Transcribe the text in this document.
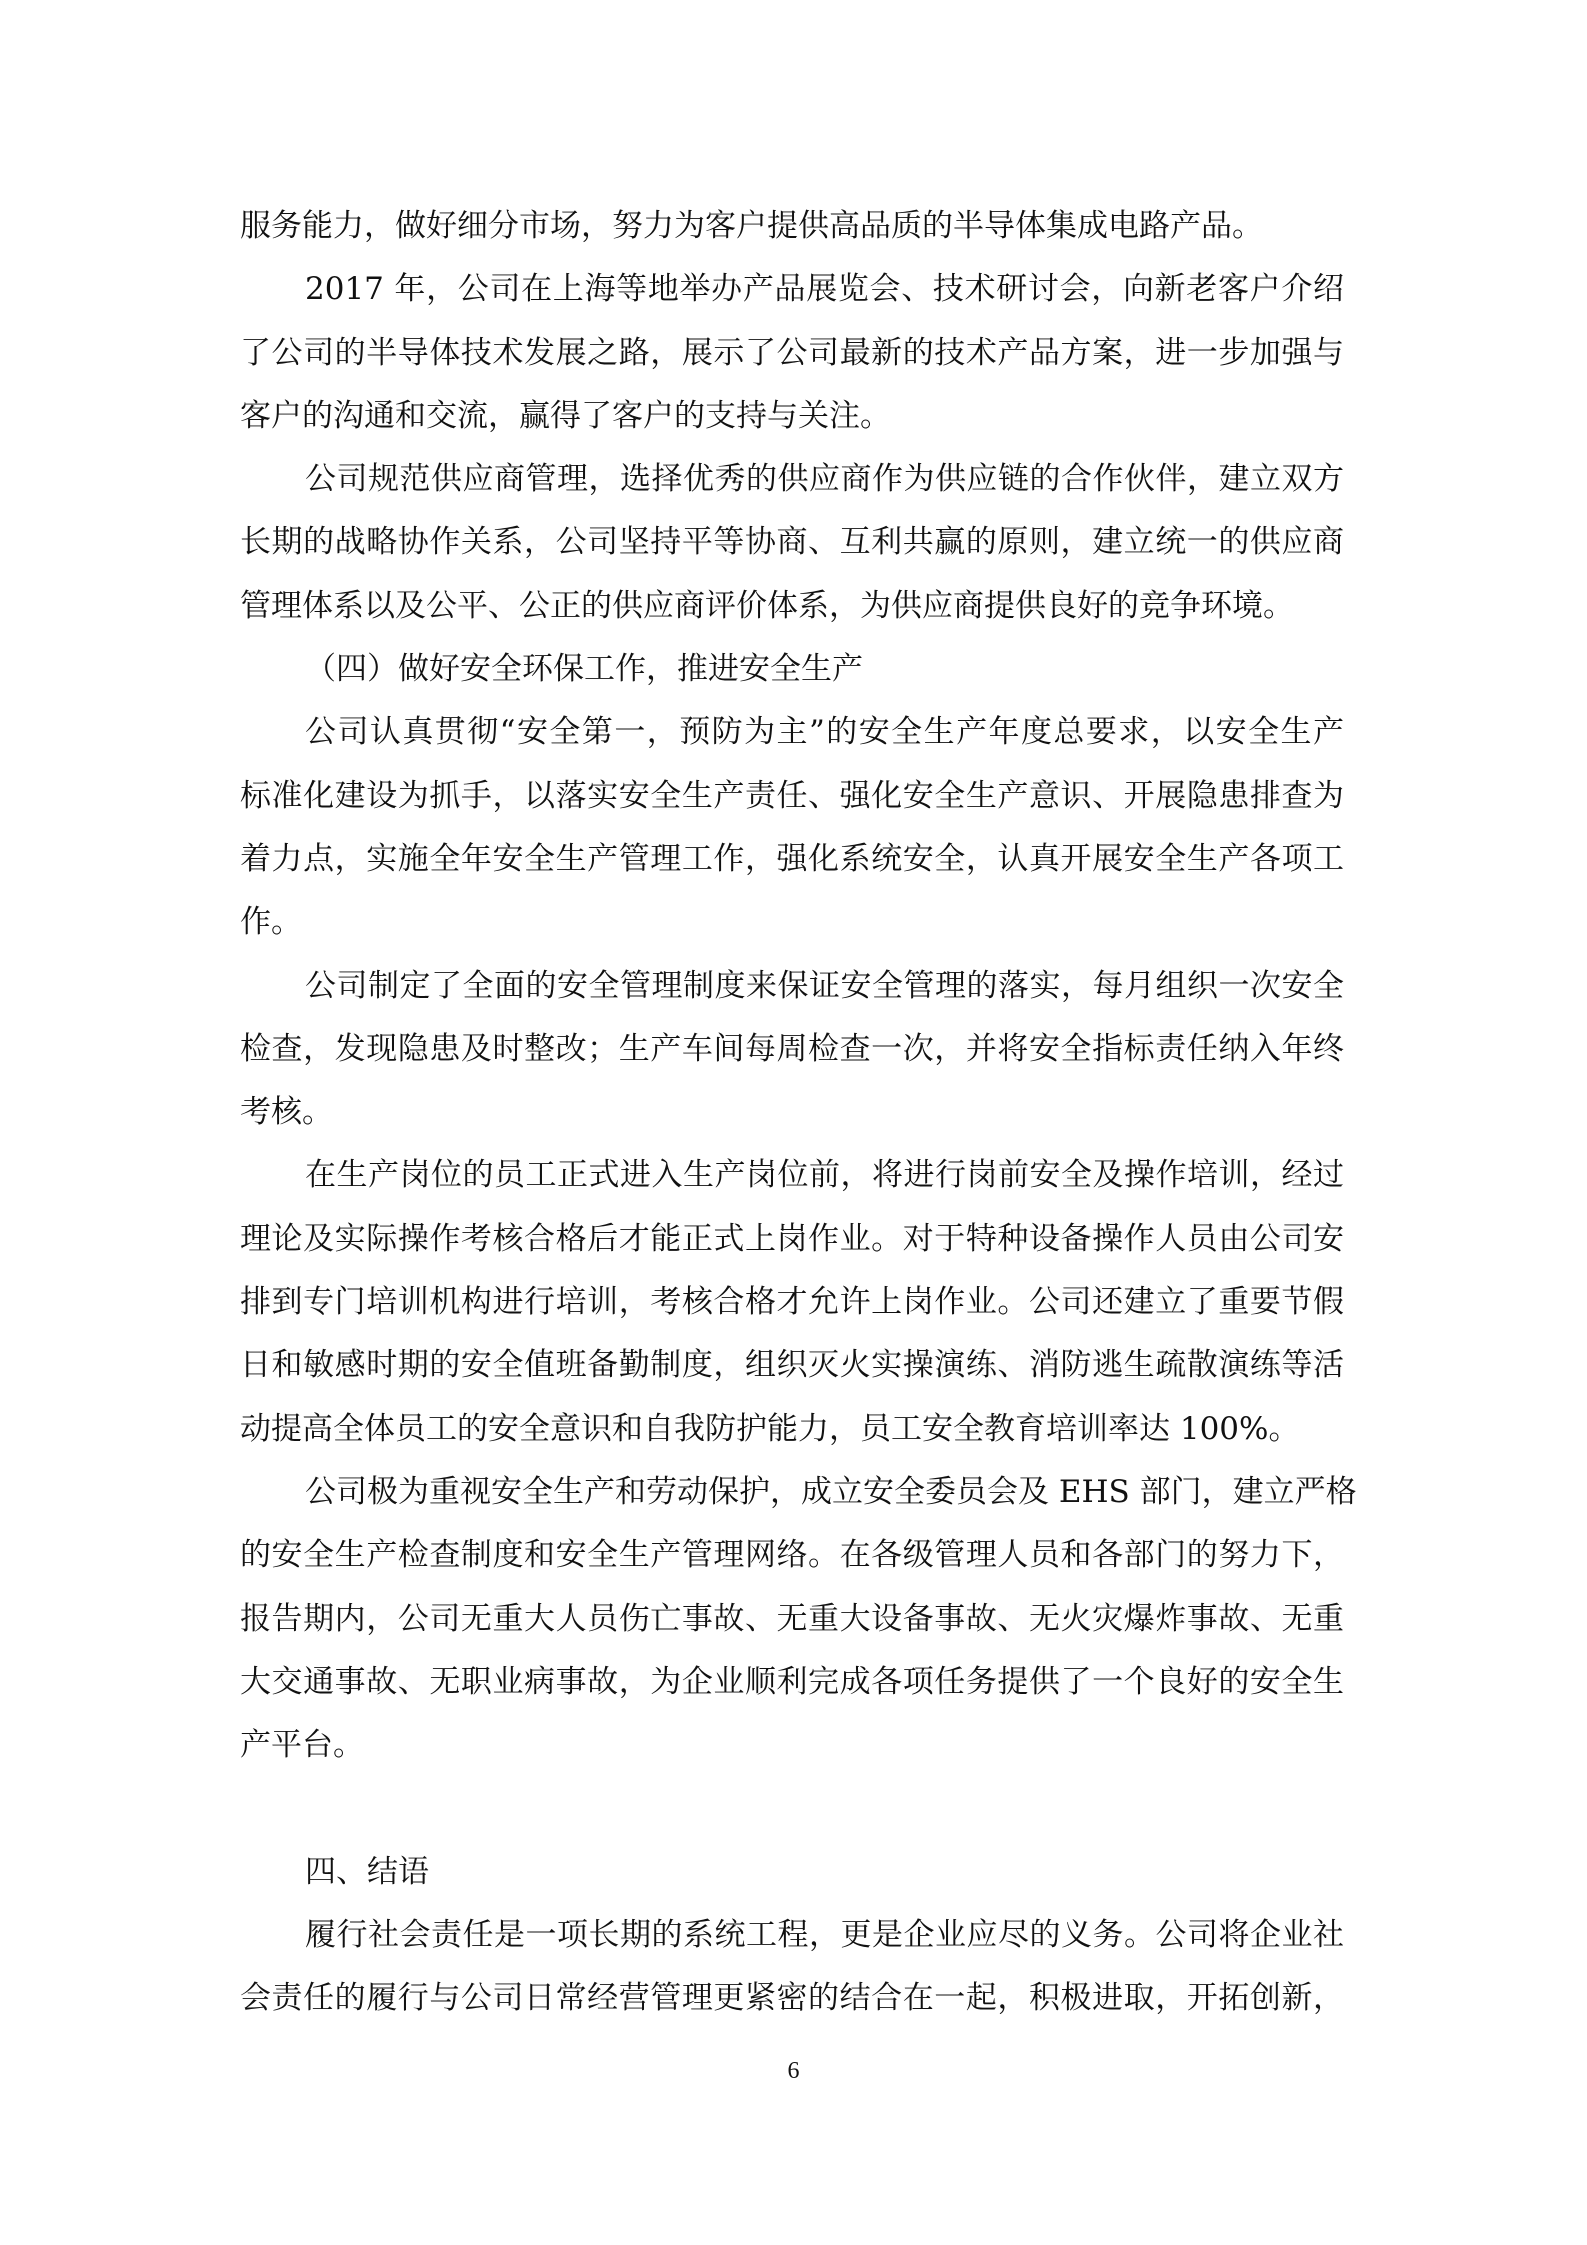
服务能力，做好细分市场，努力为客户提供高品质的半导体集成电路产品。

2017 年，公司在上海等地举办产品展览会、技术研讨会，向新老客户介绍
了公司的半导体技术发展之路，展示了公司最新的技术产品方案，进一步加强与
客户的沟通和交流，赢得了客户的支持与关注。

公司规范供应商管理，选择优秀的供应商作为供应链的合作伙伴，建立双方
长期的战略协作关系，公司坚持平等协商、互利共赢的原则，建立统一的供应商
管理体系以及公平、公正的供应商评价体系，为供应商提供良好的竞争环境。

（四）做好安全环保工作，推进安全生产

公司认真贯彻“安全第一，预防为主”的安全生产年度总要求，以安全生产
标准化建设为抓手，以落实安全生产责任、强化安全生产意识、开展隐患排查为
着力点，实施全年安全生产管理工作，强化系统安全，认真开展安全生产各项工
作。

公司制定了全面的安全管理制度来保证安全管理的落实，每月组织一次安全
检查，发现隐患及时整改；生产车间每周检查一次，并将安全指标责任纳入年终
考核。

在生产岗位的员工正式进入生产岗位前，将进行岗前安全及操作培训，经过
理论及实际操作考核合格后才能正式上岗作业。对于特种设备操作人员由公司安
排到专门培训机构进行培训，考核合格才允许上岗作业。公司还建立了重要节假
日和敏感时期的安全值班备勤制度，组织灭火实操演练、消防逃生疏散演练等活
动提高全体员工的安全意识和自我防护能力，员工安全教育培训率达 100%。

公司极为重视安全生产和劳动保护，成立安全委员会及 EHS 部门，建立严格
的安全生产检查制度和安全生产管理网络。在各级管理人员和各部门的努力下，
报告期内，公司无重大人员伤亡事故、无重大设备事故、无火灾爆炸事故、无重
大交通事故、无职业病事故，为企业顺利完成各项任务提供了一个良好的安全生
产平台。

四、结语

履行社会责任是一项长期的系统工程，更是企业应尽的义务。公司将企业社
会责任的履行与公司日常经营管理更紧密的结合在一起，积极进取，开拓创新，

6
